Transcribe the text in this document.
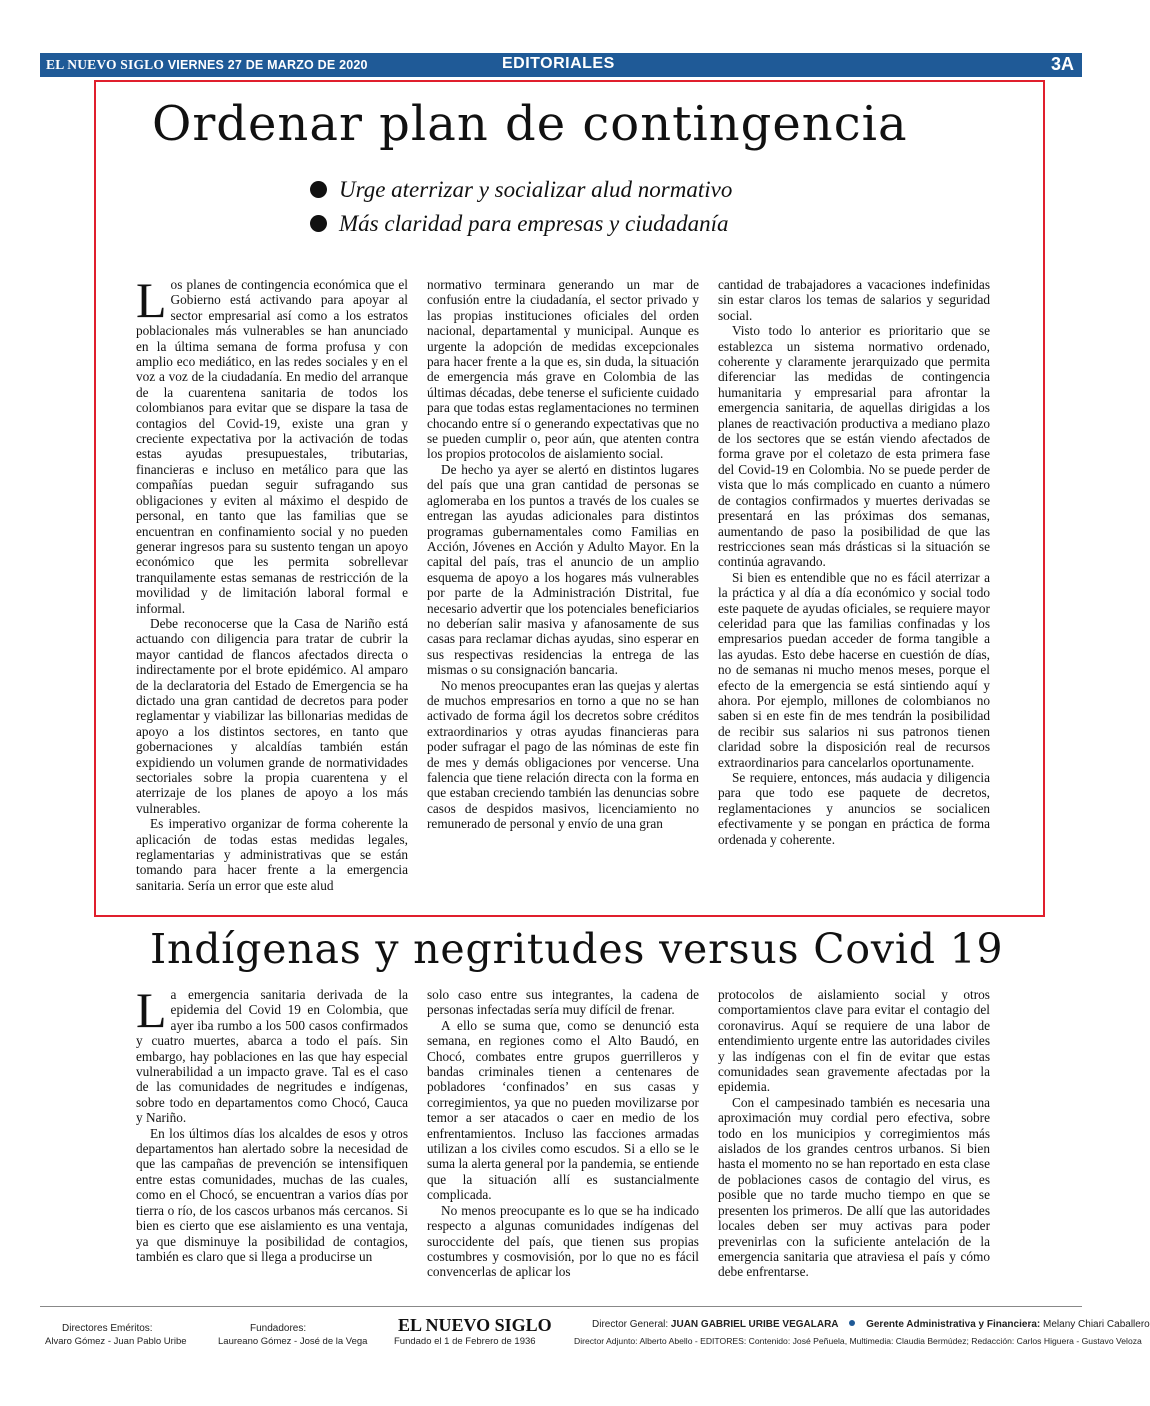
EL NUEVO SIGLO VIERNES 27 DE MARZO DE 2020	EDITORIALES	3A
Ordenar plan de contingencia
Urge aterrizar y socializar alud normativo
Más claridad para empresas y ciudadanía

Los planes de contingencia económica que el Gobierno está activando para apoyar al sector empresarial así como a los estratos poblacionales más vulnerables se han anunciado en la última semana de forma profusa y con amplio eco mediático, en las redes sociales y en el voz a voz de la ciudadanía. En medio del arranque de la cuarentena sanitaria de todos los colombianos para evitar que se dispare la tasa de contagios del Covid-19, existe una gran y creciente expectativa por la activación de todas estas ayudas presupuestales, tributarias, financieras e incluso en metálico para que las compañías puedan seguir sufragando sus obligaciones y eviten al máximo el despido de personal, en tanto que las familias que se encuentran en confinamiento social y no pueden generar ingresos para su sustento tengan un apoyo económico que les permita sobrellevar tranquilamente estas semanas de restricción de la movilidad y de limitación laboral formal e informal.

Debe reconocerse que la Casa de Nariño está actuando con diligencia para tratar de cubrir la mayor cantidad de flancos afectados directa o indirectamente por el brote epidémico. Al amparo de la declaratoria del Estado de Emergencia se ha dictado una gran cantidad de decretos para poder reglamentar y viabilizar las billonarias medidas de apoyo a los distintos sectores, en tanto que gobernaciones y alcaldías también están expidiendo un volumen grande de normatividades sectoriales sobre la propia cuarentena y el aterrizaje de los planes de apoyo a los más vulnerables.

Es imperativo organizar de forma coherente la aplicación de todas estas medidas legales, reglamentarias y administrativas que se están tomando para hacer frente a la emergencia sanitaria. Sería un error que este alud

normativo terminara generando un mar de confusión entre la ciudadanía, el sector privado y las propias instituciones oficiales del orden nacional, departamental y municipal. Aunque es urgente la adopción de medidas excepcionales para hacer frente a la que es, sin duda, la situación de emergencia más grave en Colombia de las últimas décadas, debe tenerse el suficiente cuidado para que todas estas reglamentaciones no terminen chocando entre sí o generando expectativas que no se pueden cumplir o, peor aún, que atenten contra los propios protocolos de aislamiento social.

De hecho ya ayer se alertó en distintos lugares del país que una gran cantidad de personas se aglomeraba en los puntos a través de los cuales se entregan las ayudas adicionales para distintos programas gubernamentales como Familias en Acción, Jóvenes en Acción y Adulto Mayor. En la capital del país, tras el anuncio de un amplio esquema de apoyo a los hogares más vulnerables por parte de la Administración Distrital, fue necesario advertir que los potenciales beneficiarios no deberían salir masiva y afanosamente de sus casas para reclamar dichas ayudas, sino esperar en sus respectivas residencias la entrega de las mismas o su consignación bancaria.

No menos preocupantes eran las quejas y alertas de muchos empresarios en torno a que no se han activado de forma ágil los decretos sobre créditos extraordinarios y otras ayudas financieras para poder sufragar el pago de las nóminas de este fin de mes y demás obligaciones por vencerse. Una falencia que tiene relación directa con la forma en que estaban creciendo también las denuncias sobre casos de despidos masivos, licenciamiento no remunerado de personal y envío de una gran

cantidad de trabajadores a vacaciones indefinidas sin estar claros los temas de salarios y seguridad social.

Visto todo lo anterior es prioritario que se establezca un sistema normativo ordenado, coherente y claramente jerarquizado que permita diferenciar las medidas de contingencia humanitaria y empresarial para afrontar la emergencia sanitaria, de aquellas dirigidas a los planes de reactivación productiva a mediano plazo de los sectores que se están viendo afectados de forma grave por el coletazo de esta primera fase del Covid-19 en Colombia. No se puede perder de vista que lo más complicado en cuanto a número de contagios confirmados y muertes derivadas se presentará en las próximas dos semanas, aumentando de paso la posibilidad de que las restricciones sean más drásticas si la situación se continúa agravando.

Si bien es entendible que no es fácil aterrizar a la práctica y al día a día económico y social todo este paquete de ayudas oficiales, se requiere mayor celeridad para que las familias confinadas y los empresarios puedan acceder de forma tangible a las ayudas. Esto debe hacerse en cuestión de días, no de semanas ni mucho menos meses, porque el efecto de la emergencia se está sintiendo aquí y ahora. Por ejemplo, millones de colombianos no saben si en este fin de mes tendrán la posibilidad de recibir sus salarios ni sus patronos tienen claridad sobre la disposición real de recursos extraordinarios para cancelarlos oportunamente.

Se requiere, entonces, más audacia y diligencia para que todo ese paquete de decretos, reglamentaciones y anuncios se socialicen efectivamente y se pongan en práctica de forma ordenada y coherente.

Indígenas y negritudes versus Covid 19

La emergencia sanitaria derivada de la epidemia del Covid 19 en Colombia, que ayer iba rumbo a los 500 casos confirmados y cuatro muertes, abarca a todo el país. Sin embargo, hay poblaciones en las que hay especial vulnerabilidad a un impacto grave. Tal es el caso de las comunidades de negritudes e indígenas, sobre todo en departamentos como Chocó, Cauca y Nariño.

En los últimos días los alcaldes de esos y otros departamentos han alertado sobre la necesidad de que las campañas de prevención se intensifiquen entre estas comunidades, muchas de las cuales, como en el Chocó, se encuentran a varios días por tierra o río, de los cascos urbanos más cercanos. Si bien es cierto que ese aislamiento es una ventaja, ya que disminuye la posibilidad de contagios, también es claro que si llega a producirse un

solo caso entre sus integrantes, la cadena de personas infectadas sería muy difícil de frenar.

A ello se suma que, como se denunció esta semana, en regiones como el Alto Baudó, en Chocó, combates entre grupos guerrilleros y bandas criminales tienen a centenares de pobladores ‘confinados’ en sus casas y corregimientos, ya que no pueden movilizarse por temor a ser atacados o caer en medio de los enfrentamientos. Incluso las facciones armadas utilizan a los civiles como escudos. Si a ello se le suma la alerta general por la pandemia, se entiende que la situación allí es sustancialmente complicada.

No menos preocupante es lo que se ha indicado respecto a algunas comunidades indígenas del suroccidente del país, que tienen sus propias costumbres y cosmovisión, por lo que no es fácil convencerlas de aplicar los

protocolos de aislamiento social y otros comportamientos clave para evitar el contagio del coronavirus. Aquí se requiere de una labor de entendimiento urgente entre las autoridades civiles y las indígenas con el fin de evitar que estas comunidades sean gravemente afectadas por la epidemia.

Con el campesinado también es necesaria una aproximación muy cordial pero efectiva, sobre todo en los municipios y corregimientos más aislados de los grandes centros urbanos. Si bien hasta el momento no se han reportado en esta clase de poblaciones casos de contagio del virus, es posible que no tarde mucho tiempo en que se presenten los primeros. De allí que las autoridades locales deben ser muy activas para poder prevenirlas con la suficiente antelación de la emergencia sanitaria que atraviesa el país y cómo debe enfrentarse.

Directores Eméritos:
Alvaro Gómez - Juan Pablo Uribe
Fundadores:
Laureano Gómez - José de la Vega
EL NUEVO SIGLO
Fundado el 1 de Febrero de 1936
Director General: JUAN GABRIEL URIBE VEGALARA	Gerente Administrativa y Financiera: Melany Chiari Caballero
Director Adjunto: Alberto Abello - EDITORES: Contenido: José Peñuela, Multimedia: Claudia Bermúdez; Redacción: Carlos Higuera - Gustavo Veloza
